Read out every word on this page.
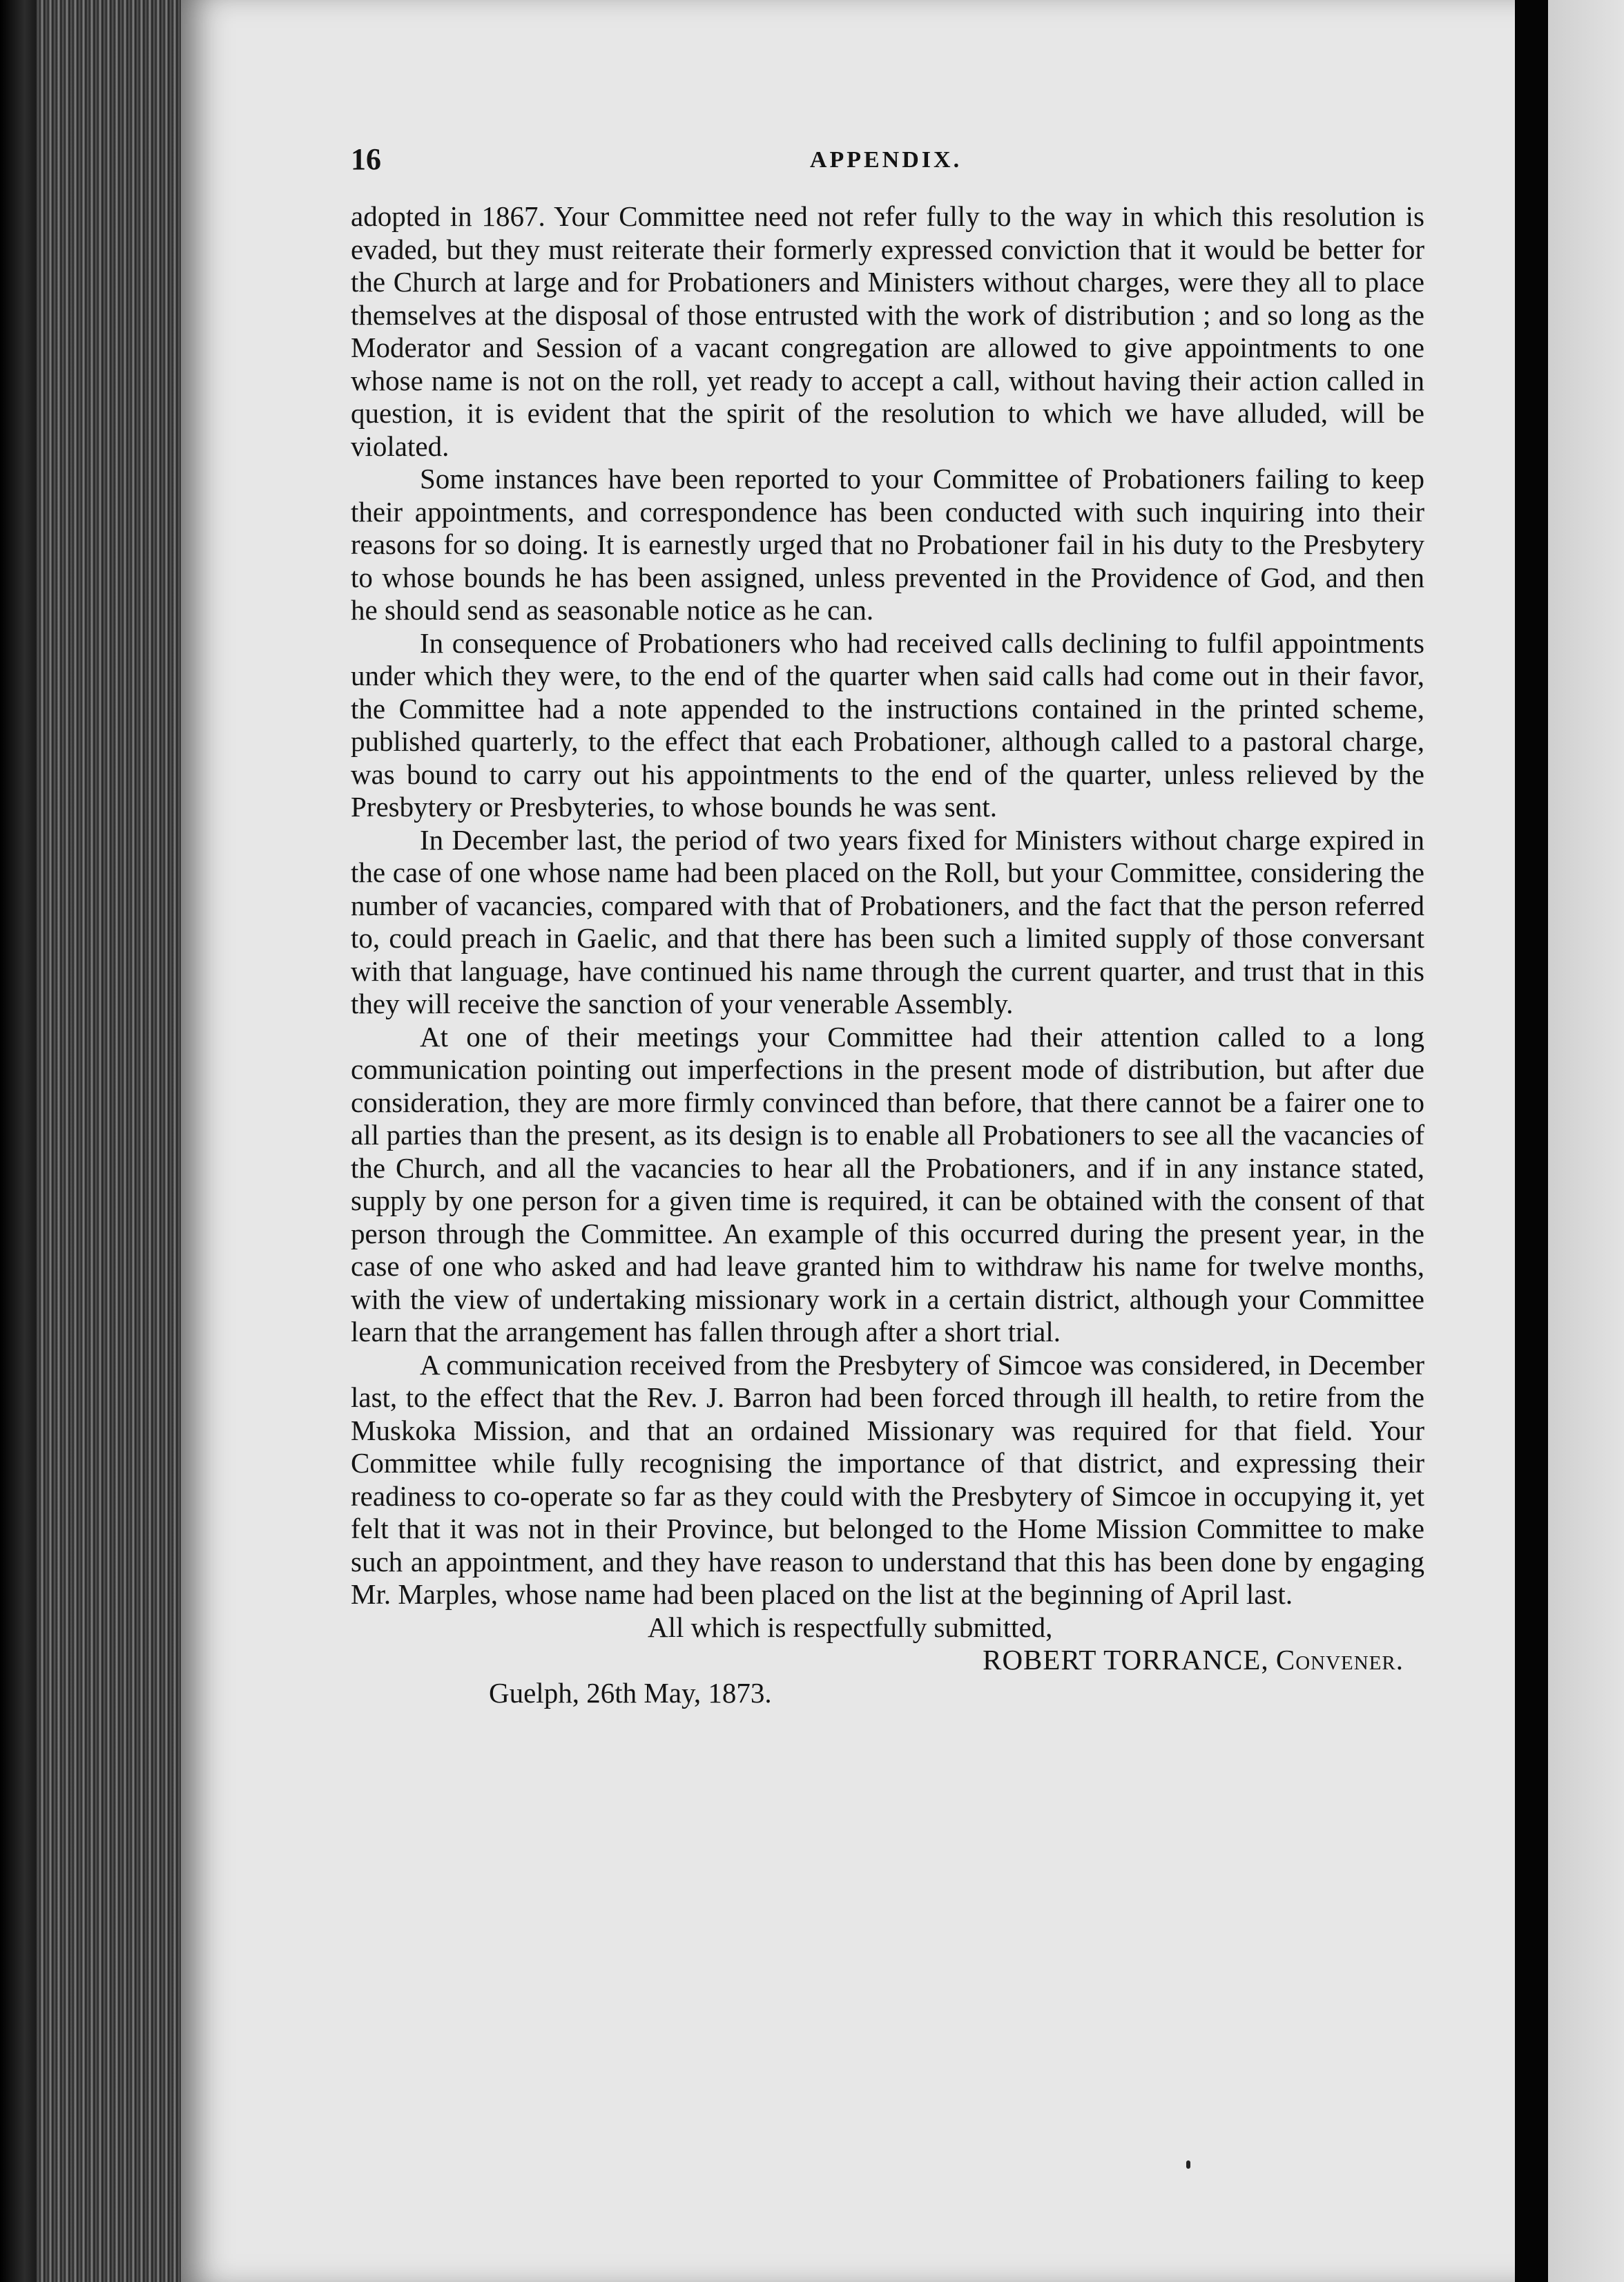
16	APPENDIX.

adopted in 1867. Your Committee need not refer fully to the way in which this resolution is evaded, but they must reiterate their formerly expressed conviction that it would be better for the Church at large and for Probationers and Ministers without charges, were they all to place themselves at the disposal of those entrusted with the work of distribution ; and so long as the Moderator and Session of a vacant congregation are allowed to give appointments to one whose name is not on the roll, yet ready to accept a call, without having their action called in question, it is evident that the spirit of the resolution to which we have alluded, will be violated.

Some instances have been reported to your Committee of Probationers failing to keep their appointments, and correspondence has been conducted with such inquiring into their reasons for so doing. It is earnestly urged that no Probationer fail in his duty to the Presbytery to whose bounds he has been assigned, unless prevented in the Providence of God, and then he should send as seasonable notice as he can.

In consequence of Probationers who had received calls declining to fulfil appointments under which they were, to the end of the quarter when said calls had come out in their favor, the Committee had a note appended to the instructions contained in the printed scheme, published quarterly, to the effect that each Probationer, although called to a pastoral charge, was bound to carry out his appointments to the end of the quarter, unless relieved by the Presbytery or Presbyteries, to whose bounds he was sent.

In December last, the period of two years fixed for Ministers without charge expired in the case of one whose name had been placed on the Roll, but your Committee, considering the number of vacancies, compared with that of Probationers, and the fact that the person referred to, could preach in Gaelic, and that there has been such a limited supply of those conversant with that language, have continued his name through the current quarter, and trust that in this they will receive the sanction of your venerable Assembly.

At one of their meetings your Committee had their attention called to a long communication pointing out imperfections in the present mode of distribution, but after due consideration, they are more firmly convinced than before, that there cannot be a fairer one to all parties than the present, as its design is to enable all Probationers to see all the vacancies of the Church, and all the vacancies to hear all the Probationers, and if in any instance stated, supply by one person for a given time is required, it can be obtained with the consent of that person through the Committee. An example of this occurred during the present year, in the case of one who asked and had leave granted him to withdraw his name for twelve months, with the view of undertaking missionary work in a certain district, although your Committee learn that the arrangement has fallen through after a short trial.

A communication received from the Presbytery of Simcoe was considered, in December last, to the effect that the Rev. J. Barron had been forced through ill health, to retire from the Muskoka Mission, and that an ordained Missionary was required for that field. Your Committee while fully recognising the importance of that district, and expressing their readiness to co-operate so far as they could with the Presbytery of Simcoe in occupying it, yet felt that it was not in their Province, but belonged to the Home Mission Committee to make such an appointment, and they have reason to understand that this has been done by engaging Mr. Marples, whose name had been placed on the list at the beginning of April last.

All which is respectfully submitted,

ROBERT TORRANCE, Convener.

Guelph, 26th May, 1873.
